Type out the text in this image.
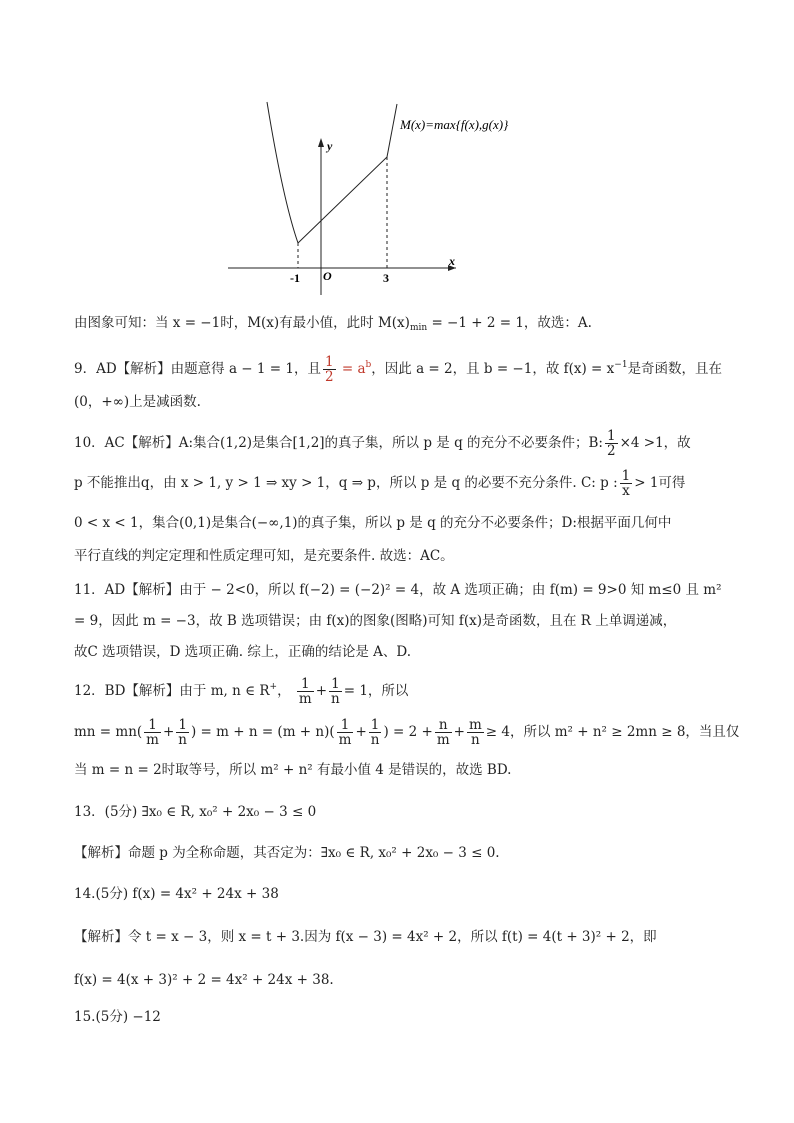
M(x)=max{f(x),g(x)}
y
x
O
-1	3
由图象可知：当 x = −1时，M(x)有最小值，此时 $M(x)_{min} = -1 + 2 = 1$，故选：A.
9．AD【解析】由题意得 a − 1 = 1，且 $\frac{1}{2} = a^b$，因此 a = 2，且 b = −1，故 $f(x) = x^{-1}$是奇函数，且在
(0，+∞)上是减函数.
10．AC【解析】A:集合(1,2)是集合[1,2]的真子集，所以 p 是 q 的充分不必要条件；B: $\frac{1}{2} \times 4 >1$，故
p 不能推出q，由 x > 1, y > 1 ⇒ xy > 1，q ⇒ p，所以 p 是 q 的必要不充分条件. C: p : $\frac{1}{x} > 1$可得
0 < x < 1，集合(0,1)是集合(−∞,1)的真子集，所以 p 是 q 的充分不必要条件；D:根据平面几何中
平行直线的判定定理和性质定理可知，是充要条件. 故选：AC。
11．AD【解析】由于 − 2<0，所以 f(−2) = (−2)² = 4，故 A 选项正确；由 f(m) = 9>0 知 m≤0 且 m²
= 9，因此 m = −3，故 B 选项错误；由 f(x)的图象(图略)可知 f(x)是奇函数，且在 R 上单调递减，
故C 选项错误，D 选项正确. 综上，正确的结论是 A、D.
12．BD【解析】由于 m, n ∈ R+， $\frac{1}{m} + \frac{1}{n} = 1$，所以
mn = $mn( \frac{1}{m} + \frac{1}{n}$ ) = $m + n = (m + n)( \frac{1}{m} + \frac{1}{n}$ ) = $2 + \frac{n}{m} + \frac{m}{n} \ge 4$，所以 m² + n² ≥ 2mn ≥ 8，当且仅
当 m = n = 2时取等号，所以 m² + n² 有最小值 4 是错误的，故选 BD.
13．(5分) ∃x₀ ∈ R, x₀² + 2x₀ − 3 ≤ 0
【解析】命题 p 为全称命题，其否定为：∃x₀ ∈ R, x₀² + 2x₀ − 3 ≤ 0.
14.(5分) f(x) = 4x² + 24x + 38
【解析】令 t = x − 3，则 x = t + 3.因为 f(x − 3) = 4x² + 2，所以 f(t) = 4(t + 3)² + 2，即
f(x) = 4(x + 3)² + 2 = 4x² + 24x + 38.
15.(5分) −12
